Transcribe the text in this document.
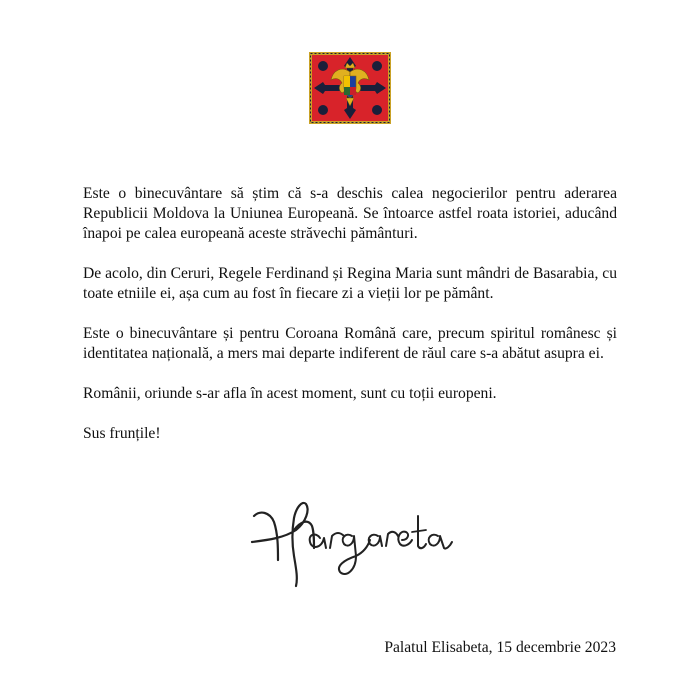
Este o binecuvântare să știm că s-a deschis calea negocierilor pentru aderarea Republicii Moldova la Uniunea Europeană. Se întoarce astfel roata istoriei, aducând înapoi pe calea europeană aceste străvechi pământuri.

De acolo, din Ceruri, Regele Ferdinand și Regina Maria sunt mândri de Basarabia, cu toate etniile ei, așa cum au fost în fiecare zi a vieții lor pe pământ.

Este o binecuvântare și pentru Coroana Română care, precum spiritul românesc și identitatea națională, a mers mai departe indiferent de răul care s-a abătut asupra ei.

Românii, oriunde s-ar afla în acest moment, sunt cu toții europeni.

Sus frunțile!

Palatul Elisabeta, 15 decembrie 2023
